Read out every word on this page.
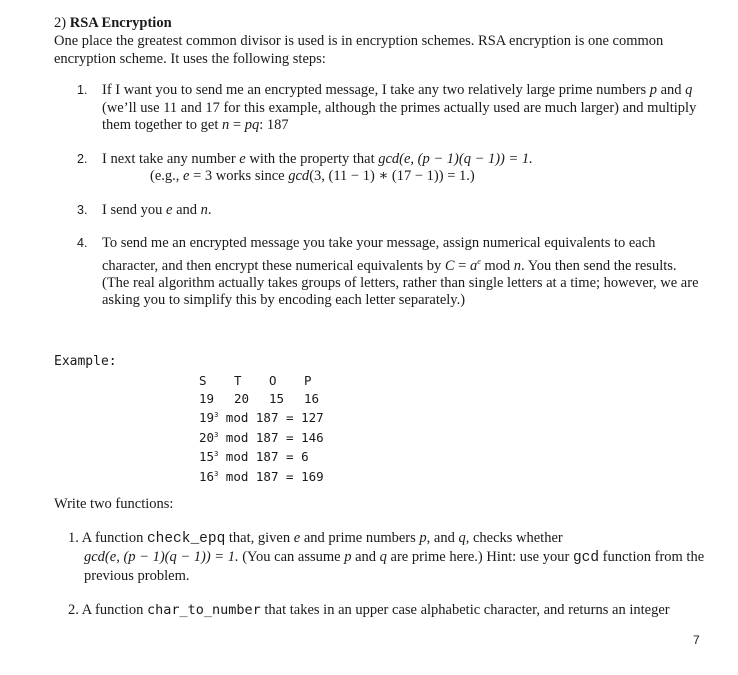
2) RSA Encryption

One place the greatest common divisor is used is in encryption schemes. RSA encryption is one common encryption scheme. It uses the following steps:

1. If I want you to send me an encrypted message, I take any two relatively large prime numbers p and q (we’ll use 11 and 17 for this example, although the primes actually used are much larger) and multiply them together to get n = pq: 187
2. I next take any number e with the property that gcd(e, (p − 1)(q − 1)) = 1.
(e.g., e = 3 works since gcd(3, (11 − 1) ∗ (17 − 1)) = 1.)
3. I send you e and n.
4. To send me an encrypted message you take your message, assign numerical equivalents to each character, and then encrypt these numerical equivalents by $C = a^e$ mod n. You then send the results. (The real algorithm actually takes groups of letters, rather than single letters at a time; however, we are asking you to simplify this by encoding each letter separately.)
Example:
S T O P
19 20 15 16
$19^3$ mod 187 = 127
$20^3$ mod 187 = 146
$15^3$ mod 187 = 6
$16^3$ mod 187 = 169
Write two functions:
1. A function check_epq that, given e and prime numbers p, and q, checks whether
gcd(e, (p − 1)(q − 1)) = 1. (You can assume p and q are prime here.) Hint: use your gcd function from the previous problem.
2. A function char_to_number that takes in an upper case alphabetic character, and returns an integer
7
